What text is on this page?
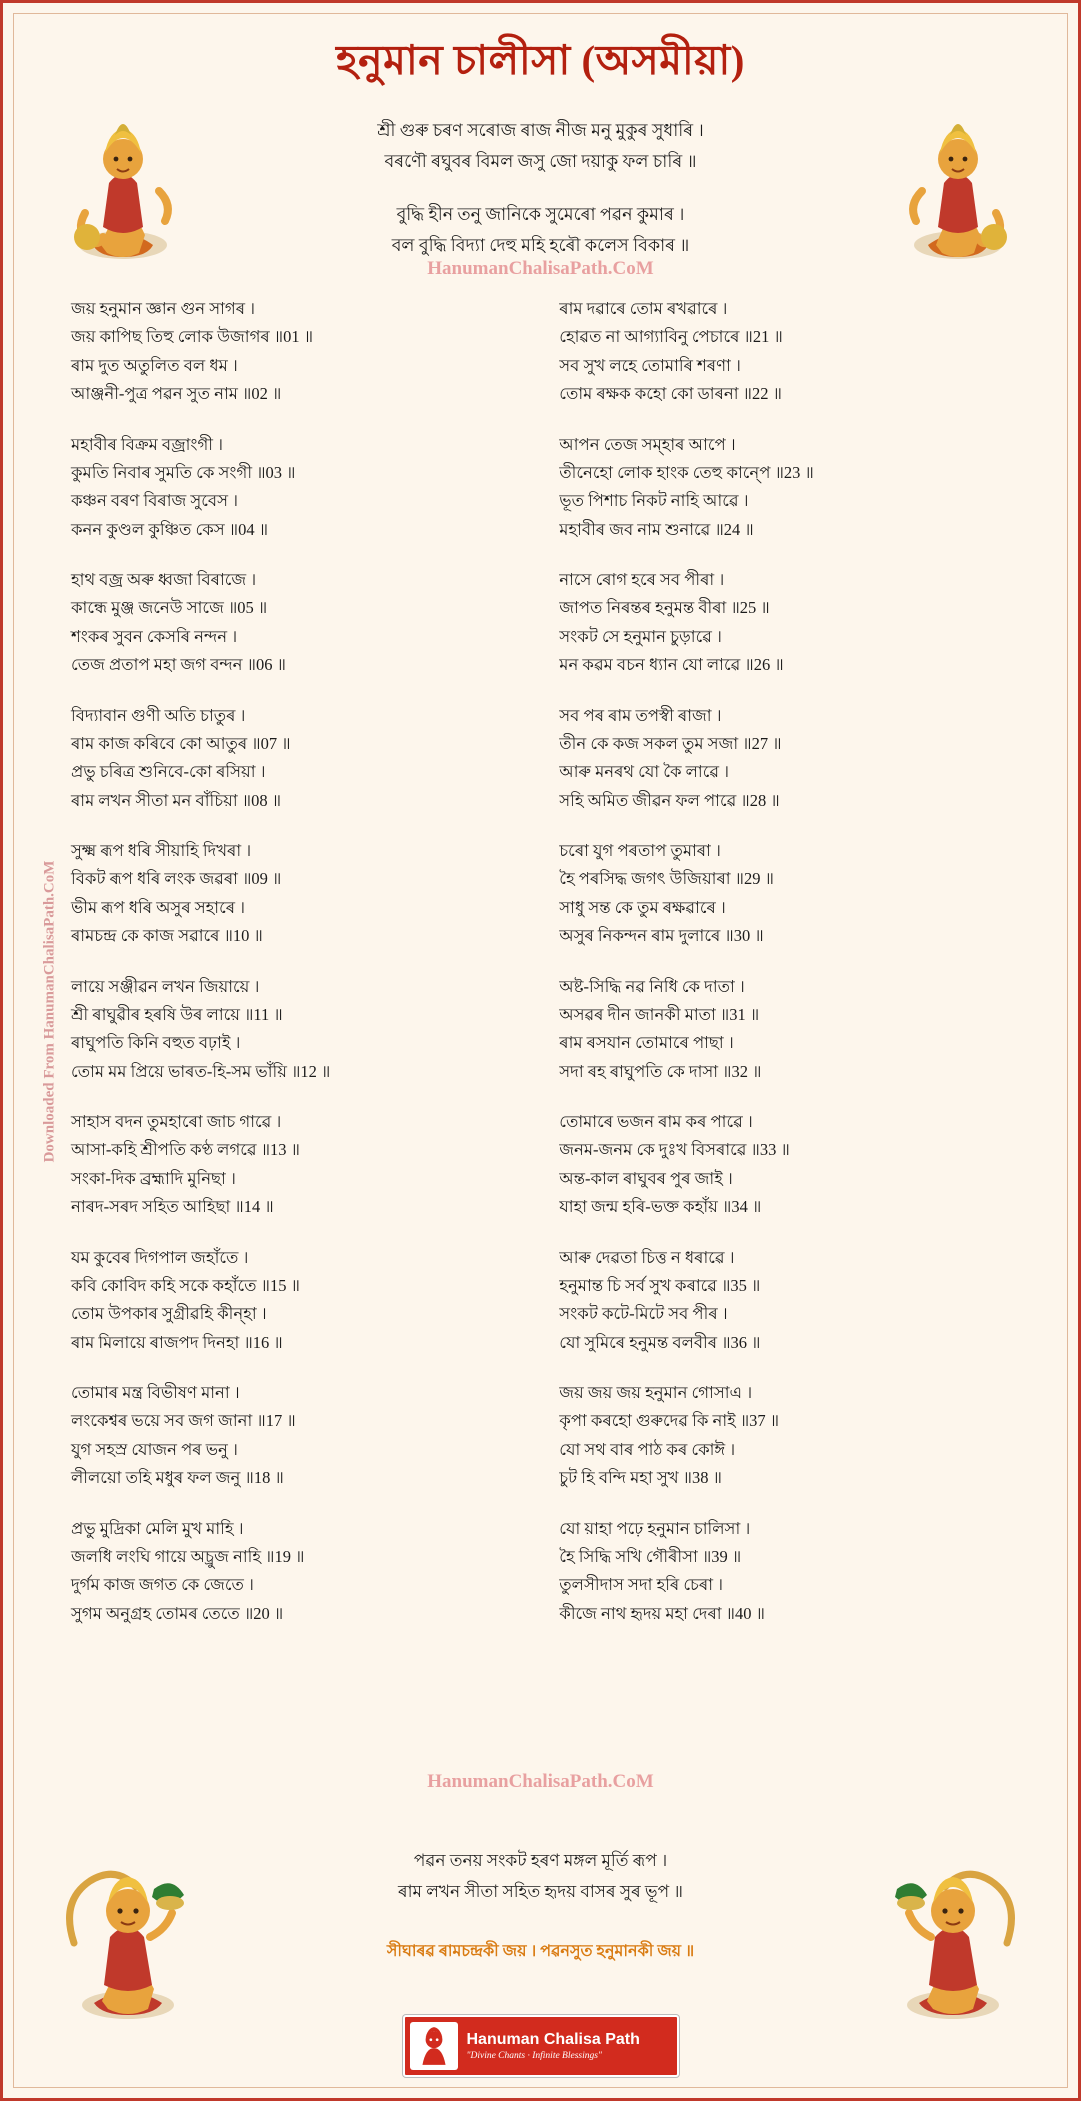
হনুমান চালীসা (অসমীয়া)
শ্ৰী গুৰু চৰণ সৰোজ ৰাজ নীজ মনু মুকুৰ সুধাৰি ।
বৰণৌ ৰঘুবৰ বিমল জসু জো দয়াকু ফল চাৰি ॥
বুদ্ধি হীন তনু জানিকে সুমেৰো পৱন কুমাৰ ।
বল বুদ্ধি বিদ্যা দেহু মহি হৰৌ কলেস বিকাৰ ॥
HanumanChalisaPath.CoM
Downloaded From HanumanChalisaPath.CoM
জয় হনুমান জ্ঞান গুন সাগৰ ।
জয় কাপিছ তিহু লোক উজাগৰ ॥01 ॥
ৰাম দুত অতুলিত বল ধম ।
আঞ্জনী-পুত্ৰ পৱন সুত নাম ॥02 ॥
মহাবীৰ বিক্ৰম বজ্ৰাংগী ।
কুমতি নিবাৰ সুমতি কে সংগী ॥03 ॥
কঞ্চন বৰণ বিৰাজ সুবেস ।
কনন কুণ্ডল কুঞ্চিত কেস ॥04 ॥
হাথ বজ্ৰ অৰু ধ্বজা বিৰাজে ।
কান্ধে মুঞ্জ জনেউ সাজে ॥05 ॥
শংকৰ সুবন কেসৰি নন্দন ।
তেজ প্ৰতাপ মহা জগ বন্দন ॥06 ॥
বিদ্যাবান গুণী অতি চাতুৰ ।
ৰাম কাজ কৰিবে কো আতুৰ ॥07 ॥
প্ৰভু চৰিত্ৰ শুনিবে-কো ৰসিয়া ।
ৰাম লখন সীতা মন বাঁচিয়া ॥08 ॥
সুক্ষ্ম ৰূপ ধৰি সীয়াহি দিখৰা ।
বিকট ৰূপ ধৰি লংক জৱৰা ॥09 ॥
ভীম ৰূপ ধৰি অসুৰ সহাৰে ।
ৰামচন্দ্ৰ কে কাজ সৱাৰে ॥10 ॥
লায়ে সঞ্জীৱন লখন জিয়ায়ে ।
শ্ৰী ৰাঘুৱীৰ হৰষি উৰ লায়ে ॥11 ॥
ৰাঘুপতি কিনি বহুত বঢ়াই ।
তোম মম প্ৰিয়ে ভাৰত-হি-সম ভাঁয়ি ॥12 ॥
সাহাস বদন তুমহাৰো জাচ গাৱে ।
আসা-কহি শ্ৰীপতি কণ্ঠ লগৱে ॥13 ॥
সংকা-দিক ব্ৰহ্মাদি মুনিছা ।
নাৰদ-সৰদ সহিত আহিছা ॥14 ॥
যম কুবেৰ দিগপাল জহাঁতে ।
কবি কোবিদ কহি সকে কহাঁতে ॥15 ॥
তোম উপকাৰ সুগ্ৰীৱহি কীন্হা ।
ৰাম মিলায়ে ৰাজপদ দিনহা ॥16 ॥
তোমাৰ মন্ত্ৰ বিভীষণ মানা ।
লংকেশ্বৰ ভয়ে সব জগ জানা ॥17 ॥
যুগ সহস্ৰ যোজন পৰ ভনু ।
লীলয়ো তহি মধুৰ ফল জনু ॥18 ॥
প্ৰভু মুদ্ৰিকা মেলি মুখ মাহি ।
জলধি লংঘি গায়ে অচ্ৰুজ নাহি ॥19 ॥
দুৰ্গম কাজ জগত কে জেতে ।
সুগম অনুগ্ৰহ তোমৰ তেতে ॥20 ॥
ৰাম দৱাৰে তোম ৰখৱাৰে ।
হোৱত না আগ্যাবিনু পেচাৰে ॥21 ॥
সব সুখ লহে তোমাৰি শৰণা ।
তোম ৰক্ষক কহো কো ডাৰনা ॥22 ॥
আপন তেজ সম্হাৰ আপে ।
তীনেহো লোক হাংক তেহু কান্পে ॥23 ॥
ভূত পিশাচ নিকট নাহি আৱে ।
মহাবীৰ জব নাম শুনাৱে ॥24 ॥
নাসে ৰোগ হৰে সব পীৰা ।
জাপত নিৰন্তৰ হনুমন্ত বীৰা ॥25 ॥
সংকট সে হনুমান চুড়াৱে ।
মন কৱম বচন ধ্যান যো লাৱে ॥26 ॥
সব পৰ ৰাম তপস্বী ৰাজা ।
তীন কে কজ সকল তুম সজা ॥27 ॥
আৰু মনৰথ যো কৈ লাৱে ।
সহি অমিত জীৱন ফল পাৱে ॥28 ॥
চৰো যুগ পৰতাপ তুমাৰা ।
হৈ পৰসিদ্ধ জগৎ উজিয়াৰা ॥29 ॥
সাধু সন্ত কে তুম ৰক্ষৱাৰে ।
অসুৰ নিকন্দন ৰাম দুলাৰে ॥30 ॥
অষ্ট-সিদ্ধি নৱ নিধি কে দাতা ।
অসৱৰ দীন জানকী মাতা ॥31 ॥
ৰাম ৰসযান তোমাৰে পাছা ।
সদা ৰহ ৰাঘুপতি কে দাসা ॥32 ॥
তোমাৰে ভজন ৰাম কৰ পাৱে ।
জনম-জনম কে দুঃখ বিসৰাৱে ॥33 ॥
অন্ত-কাল ৰাঘুবৰ পুৰ জাই ।
যাহা জন্ম হৰি-ভক্ত কহাঁয় ॥34 ॥
আৰু দেৱতা চিত্ত ন ধৰাৱে ।
হনুমান্ত চি সৰ্ব সুখ কৰাৱে ॥35 ॥
সংকট কটে-মিটে সব পীৰ ।
যো সুমিৰে হনুমন্ত বলবীৰ ॥36 ॥
জয় জয় জয় হনুমান গোসাএ ।
কৃপা কৰহো গুৰুদেৱ কি নাই ॥37 ॥
যো সথ বাৰ পাঠ কৰ কোঈ ।
চুট হি বন্দি মহা সুখ ॥38 ॥
যো য়াহা পঢ়ে হনুমান চালিসা ।
হৈ সিদ্ধি সখি গৌৰীসা ॥39 ॥
তুলসীদাস সদা হৰি চেৰা ।
কীজে নাথ হৃদয় মহা দেৰা ॥40 ॥
HanumanChalisaPath.CoM
পৱন তনয় সংকট হৰণ মঙ্গল মূৰ্তি ৰূপ ।
ৰাম লখন সীতা সহিত হৃদয় বাসৰ সুৰ ভূপ ॥
সীঘাৰৱ ৰামচন্দ্ৰকী জয় । পৱনসুত হনুমানকী জয় ॥
Hanuman Chalisa Path
"Divine Chants · Infinite Blessings"
